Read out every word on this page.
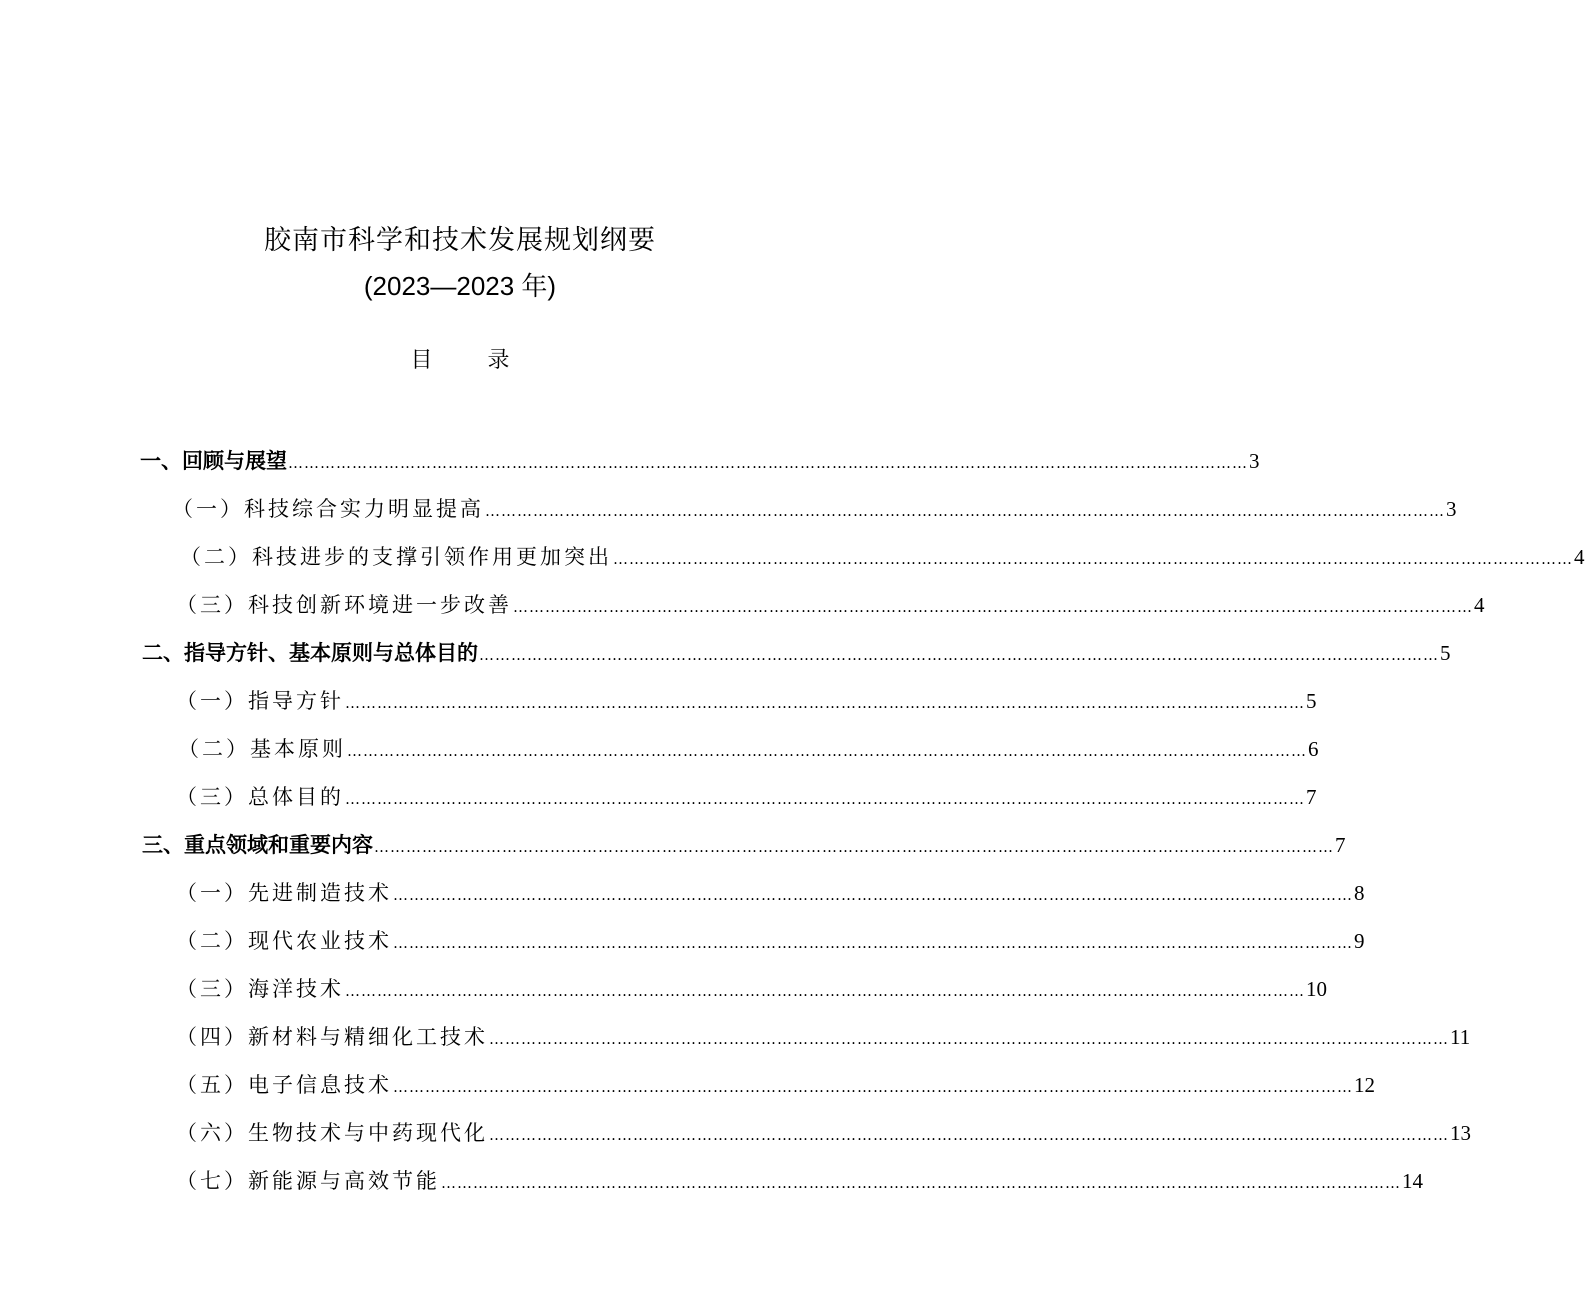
胶南市科学和技术发展规划纲要
(2023—2023 年)
目	录
一、回顾与展望 ……………………………………………………………………………………………………………………………………………………………… 3
（一）科技综合实力明显提高 ……………………………………………………………………………………………………………………………………………………………… 3
（二）科技进步的支撑引领作用更加突出 ……………………………………………………………………………………………………………………………………………………………… 4
（三）科技创新环境进一步改善 ……………………………………………………………………………………………………………………………………………………………… 4
二、指导方针、基本原则与总体目的 ……………………………………………………………………………………………………………………………………………………………… 5
（一）指导方针 ……………………………………………………………………………………………………………………………………………………………… 5
（二）基本原则 ……………………………………………………………………………………………………………………………………………………………… 6
（三）总体目的 ……………………………………………………………………………………………………………………………………………………………… 7
三、重点领域和重要内容 ……………………………………………………………………………………………………………………………………………………………… 7
（一）先进制造技术 ……………………………………………………………………………………………………………………………………………………………… 8
（二）现代农业技术 ……………………………………………………………………………………………………………………………………………………………… 9
（三）海洋技术 ……………………………………………………………………………………………………………………………………………………………… 10
（四）新材料与精细化工技术 ……………………………………………………………………………………………………………………………………………………………… 11
（五）电子信息技术 ……………………………………………………………………………………………………………………………………………………………… 12
（六）生物技术与中药现代化 ……………………………………………………………………………………………………………………………………………………………… 13
（七）新能源与高效节能 ……………………………………………………………………………………………………………………………………………………………… 14
